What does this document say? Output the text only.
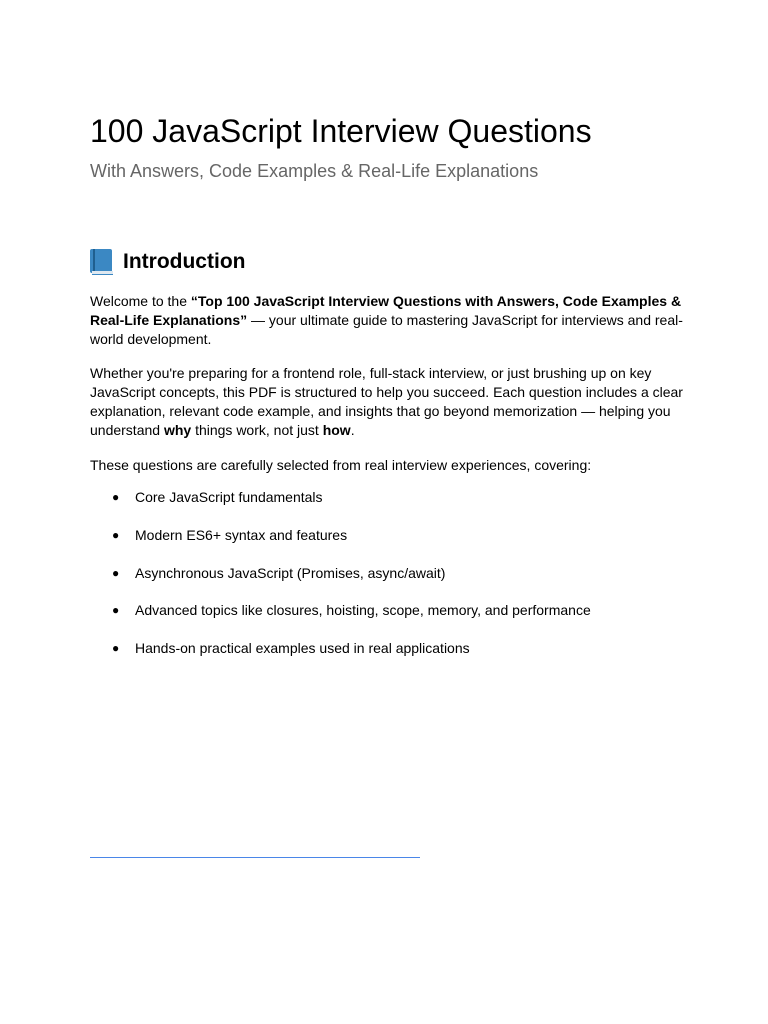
100 JavaScript Interview Questions
With Answers, Code Examples & Real-Life Explanations
Introduction

Welcome to the “Top 100 JavaScript Interview Questions with Answers, Code Examples & Real-Life Explanations” — your ultimate guide to mastering JavaScript for interviews and real-world development.

Whether you're preparing for a frontend role, full-stack interview, or just brushing up on key JavaScript concepts, this PDF is structured to help you succeed. Each question includes a clear explanation, relevant code example, and insights that go beyond memorization — helping you understand why things work, not just how.

These questions are carefully selected from real interview experiences, covering:

● Core JavaScript fundamentals
● Modern ES6+ syntax and features
● Asynchronous JavaScript (Promises, async/await)
● Advanced topics like closures, hoisting, scope, memory, and performance
● Hands-on practical examples used in real applications
